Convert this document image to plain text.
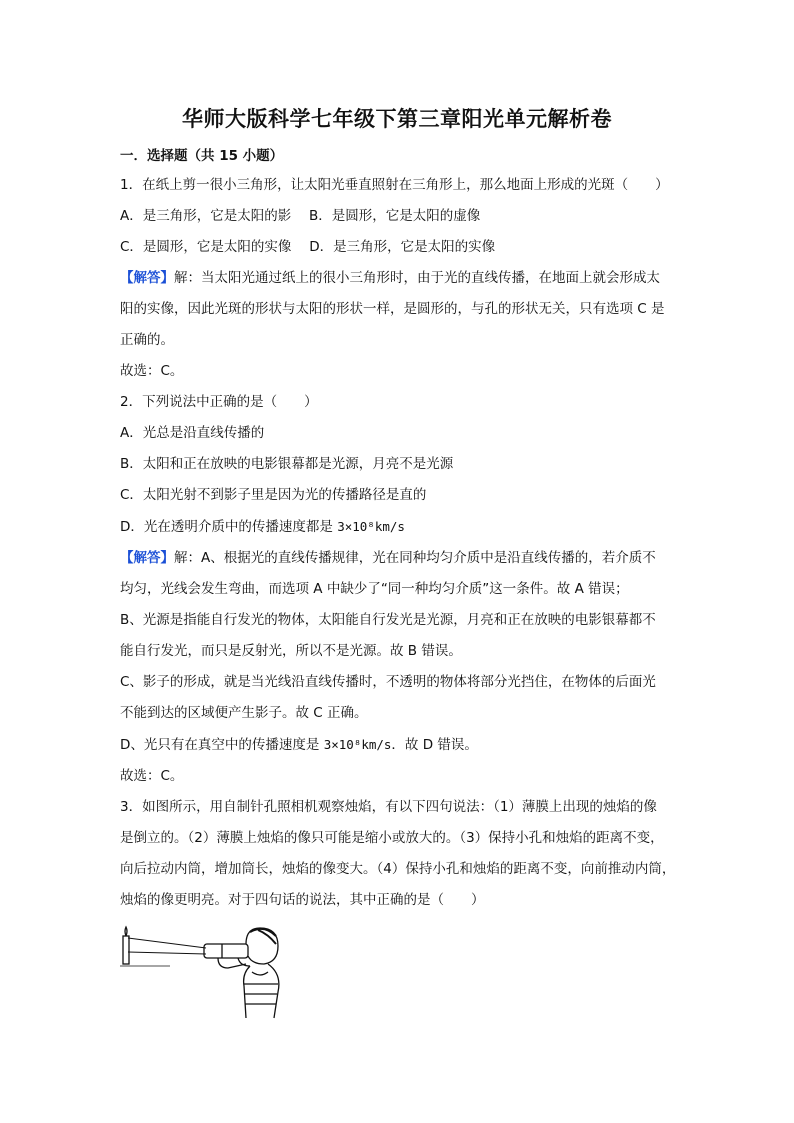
华师大版科学七年级下第三章阳光单元解析卷
一．选择题（共 15 小题）
1．在纸上剪一很小三角形，让太阳光垂直照射在三角形上，那么地面上形成的光斑（　　）
A．是三角形，它是太阳的影　 B．是圆形，它是太阳的虚像
C．是圆形，它是太阳的实像　 D．是三角形，它是太阳的实像
【解答】解：当太阳光通过纸上的很小三角形时，由于光的直线传播，在地面上就会形成太
阳的实像，因此光斑的形状与太阳的形状一样，是圆形的，与孔的形状无关，只有选项 C 是
正确的。
故选：C。
2．下列说法中正确的是（　　）
A．光总是沿直线传播的
B．太阳和正在放映的电影银幕都是光源，月亮不是光源
C．太阳光射不到影子里是因为光的传播路径是直的
D．光在透明介质中的传播速度都是 3×10⁸km/s
【解答】解：A、根据光的直线传播规律，光在同种均匀介质中是沿直线传播的，若介质不
均匀，光线会发生弯曲，而选项 A 中缺少了“同一种均匀介质”这一条件。故 A 错误；
B、光源是指能自行发光的物体，太阳能自行发光是光源，月亮和正在放映的电影银幕都不
能自行发光，而只是反射光，所以不是光源。故 B 错误。
C、影子的形成，就是当光线沿直线传播时，不透明的物体将部分光挡住，在物体的后面光
不能到达的区域便产生影子。故 C 正确。
D、光只有在真空中的传播速度是 3×10⁸km/s．故 D 错误。
故选：C。
3．如图所示，用自制针孔照相机观察烛焰，有以下四句说法：（1）薄膜上出现的烛焰的像
是倒立的。（2）薄膜上烛焰的像只可能是缩小或放大的。（3）保持小孔和烛焰的距离不变，
向后拉动内筒，增加筒长，烛焰的像变大。（4）保持小孔和烛焰的距离不变，向前推动内筒，
烛焰的像更明亮。对于四句话的说法，其中正确的是（　　）
